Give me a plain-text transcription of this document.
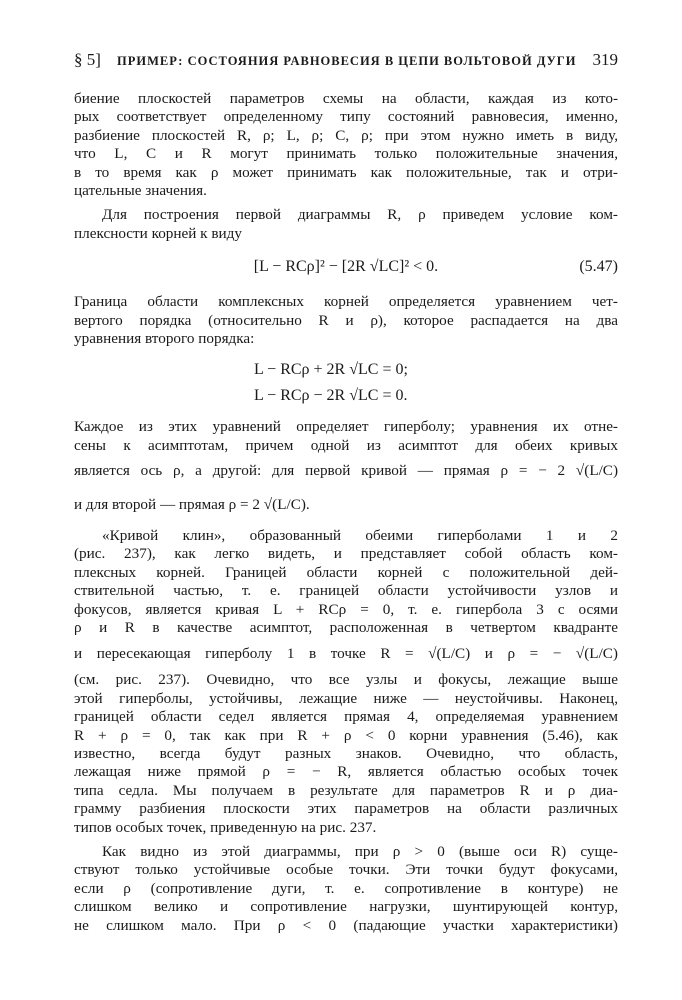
§ 5] ПРИМЕР: СОСТОЯНИЯ РАВНОВЕСИЯ В ЦЕПИ ВОЛЬТОВОЙ ДУГИ 319
биение плоскостей параметров схемы на области, каждая из кото-
рых соответствует определенному типу состояний равновесия, именно,
разбиение плоскостей R, ρ; L, ρ; C, ρ; при этом нужно иметь в виду,
что L, C и R могут принимать только положительные значения,
в то время как ρ может принимать как положительные, так и отри-
цательные значения.
Для построения первой диаграммы R, ρ приведем условие ком-
плексности корней к виду
[L − RCρ]² − [2R √LC]² < 0.	(5.47)
Граница области комплексных корней определяется уравнением чет-
вертого порядка (относительно R и ρ), которое распадается на два
уравнения второго порядка:
L − RCρ + 2R √LC = 0;
L − RCρ − 2R √LC = 0.
Каждое из этих уравнений определяет гиперболу; уравнения их отне-
сены к асимптотам, причем одной из асимптот для обеих кривых
является ось ρ, а другой: для первой кривой — прямая ρ = − 2 √(L/C)
и для второй — прямая ρ = 2 √(L/C).
«Кривой клин», образованный обеими гиперболами 1 и 2
(рис. 237), как легко видеть, и представляет собой область ком-
плексных корней. Границей области корней с положительной дей-
ствительной частью, т. е. границей области устойчивости узлов и
фокусов, является кривая L + RCρ = 0, т. е. гипербола 3 с осями
ρ и R в качестве асимптот, расположенная в четвертом квадранте
и пересекающая гиперболу 1 в точке R = √(L/C) и ρ = − √(L/C)
(см. рис. 237). Очевидно, что все узлы и фокусы, лежащие выше
этой гиперболы, устойчивы, лежащие ниже — неустойчивы. Наконец,
границей области седел является прямая 4, определяемая уравнением
R + ρ = 0, так как при R + ρ < 0 корни уравнения (5.46), как
известно, всегда будут разных знаков. Очевидно, что область,
лежащая ниже прямой ρ = − R, является областью особых точек
типа седла. Мы получаем в результате для параметров R и ρ диа-
грамму разбиения плоскости этих параметров на области различных
типов особых точек, приведенную на рис. 237.
Как видно из этой диаграммы, при ρ > 0 (выше оси R) суще-
ствуют только устойчивые особые точки. Эти точки будут фокусами,
если ρ (сопротивление дуги, т. е. сопротивление в контуре) не
слишком велико и сопротивление нагрузки, шунтирующей контур,
не слишком мало. При ρ < 0 (падающие участки характеристики)
